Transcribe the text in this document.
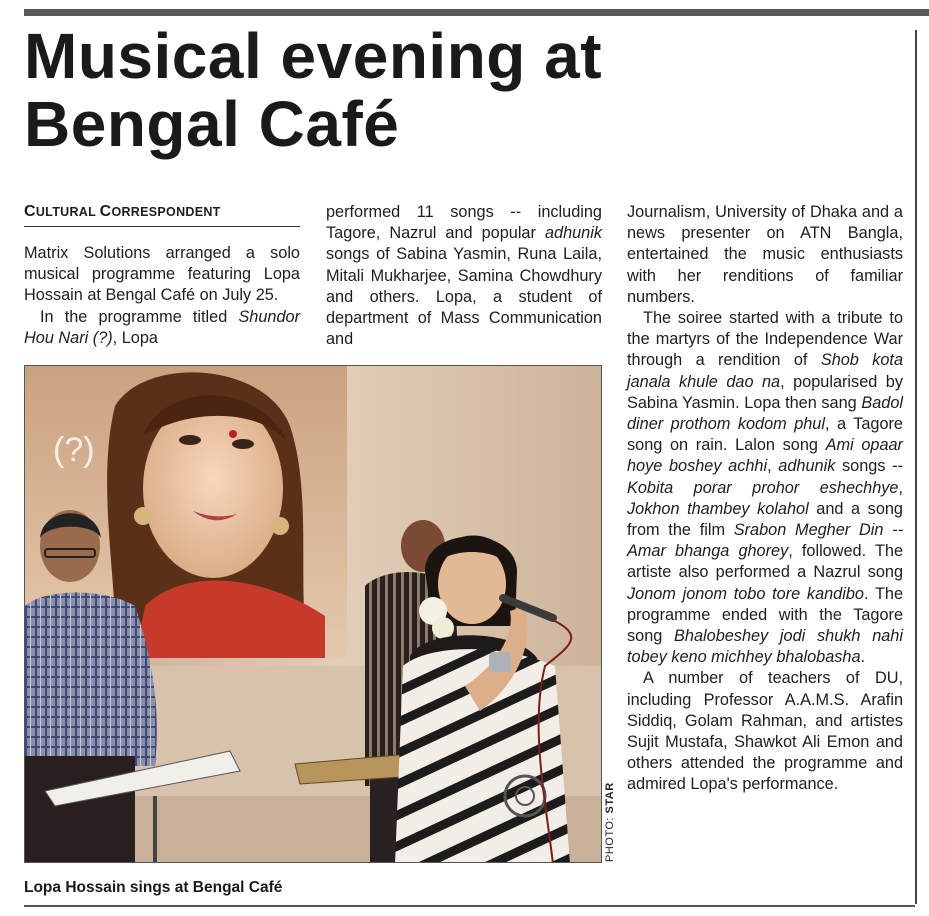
Musical evening at
Bengal Café
CULTURAL CORRESPONDENT

Matrix Solutions arranged a solo musical programme featuring Lopa Hossain at Bengal Café on July 25.

In the programme titled Shundor Hou Nari (?), Lopa

performed 11 songs -- including Tagore, Nazrul and popular adhunik songs of Sabina Yasmin, Runa Laila, Mitali Mukharjee, Samina Chowdhury and others. Lopa, a student of department of Mass Communication and

Journalism, University of Dhaka and a news presenter on ATN Bangla, entertained the music enthusiasts with her renditions of familiar numbers.

The soiree started with a tribute to the martyrs of the Independence War through a rendition of Shob kota janala khule dao na, popularised by Sabina Yasmin. Lopa then sang Badol diner prothom kodom phul, a Tagore song on rain. Lalon song Ami opaar hoye boshey achhi, adhunik songs -- Kobita porar prohor eshechhye, Jokhon thambey kolahol and a song from the film Srabon Megher Din -- Amar bhanga ghorey, followed. The artiste also performed a Nazrul song Jonom jonom tobo tore kandibo. The programme ended with the Tagore song Bhalobeshey jodi shukh nahi tobey keno michhey bhalobasha.

A number of teachers of DU, including Professor A.A.M.S. Arafin Siddiq, Golam Rahman, and artistes Sujit Mustafa, Shawkot Ali Emon and others attended the programme and admired Lopa's performance.

(?)
PHOTO: STAR
Lopa Hossain sings at Bengal Café
